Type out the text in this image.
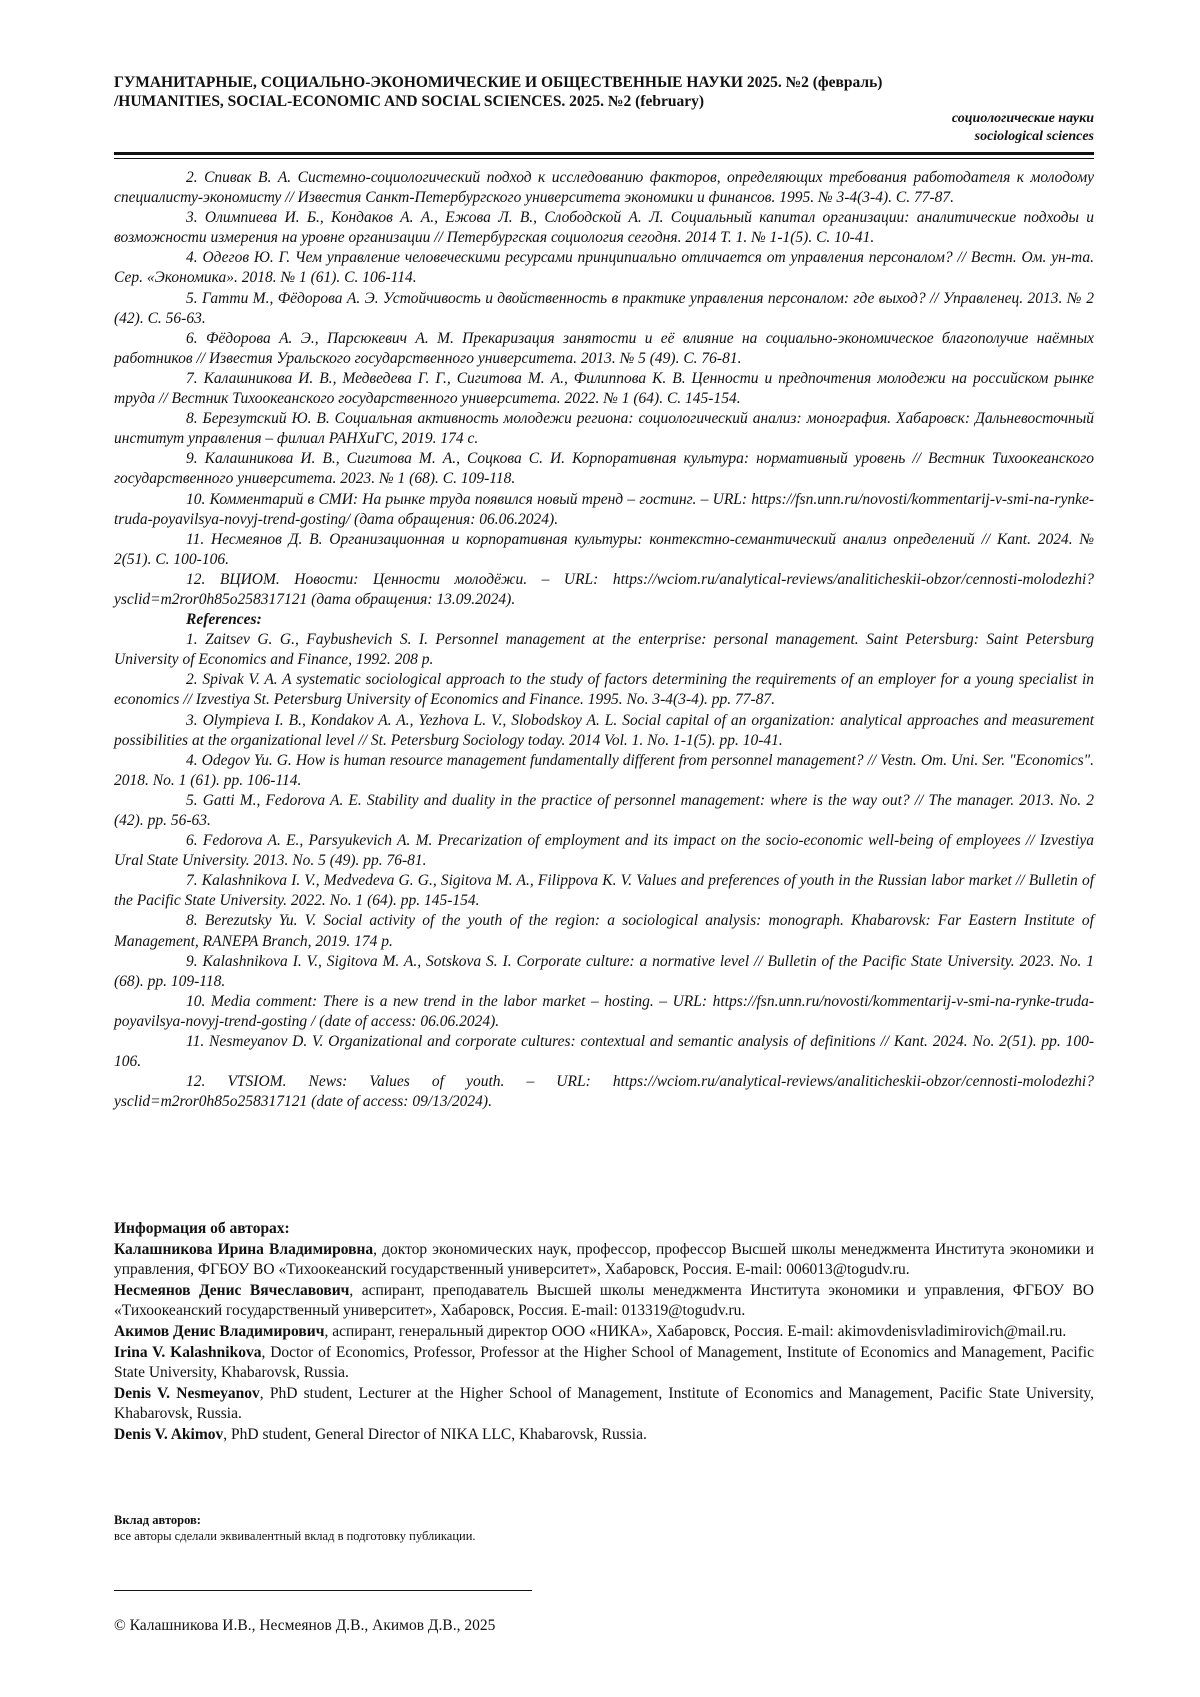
ГУМАНИТАРНЫЕ, СОЦИАЛЬНО-ЭКОНОМИЧЕСКИЕ И ОБЩЕСТВЕННЫЕ НАУКИ 2025. №2 (февраль)
/HUMANITIES, SOCIAL-ECONOMIC AND SOCIAL SCIENCES. 2025. №2 (february)
социологические науки
sociological sciences

2. Спивак В. А. Системно-социологический подход к исследованию факторов, определяющих требования работодателя к молодому специалисту-экономисту // Известия Санкт-Петербургского университета экономики и финансов. 1995. № 3-4(3-4). С. 77-87.

3. Олимпиева И. Б., Кондаков А. А., Ежова Л. В., Слободской А. Л. Социальный капитал организации: аналитические подходы и возможности измерения на уровне организации // Петербургская социология сегодня. 2014 Т. 1. № 1-1(5). С. 10-41.

4. Одегов Ю. Г. Чем управление человеческими ресурсами принципиально отличается от управления персоналом? // Вестн. Ом. ун-та. Сер. «Экономика». 2018. № 1 (61). С. 106-114.

5. Гатти М., Фёдорова А. Э. Устойчивость и двойственность в практике управления персоналом: где выход? // Управленец. 2013. № 2 (42). С. 56-63.

6. Фёдорова А. Э., Парсюкевич А. М. Прекаризация занятости и её влияние на социально-экономическое благополучие наёмных работников // Известия Уральского государственного университета. 2013. № 5 (49). С. 76-81.

7. Калашникова И. В., Медведева Г. Г., Сигитова М. А., Филиппова К. В. Ценности и предпочтения молодежи на российском рынке труда // Вестник Тихоокеанского государственного университета. 2022. № 1 (64). С. 145-154.

8. Березутский Ю. В. Социальная активность молодежи региона: социологический анализ: монография. Хабаровск: Дальневосточный институт управления – филиал РАНХиГС, 2019. 174 с.

9. Калашникова И. В., Сигитова М. А., Соцкова С. И. Корпоративная культура: нормативный уровень // Вестник Тихоокеанского государственного университета. 2023. № 1 (68). С. 109-118.

10. Комментарий в СМИ: На рынке труда появился новый тренд – гостинг. – URL: https://fsn.unn.ru/novosti/kommentarij-v-smi-na-rynke-truda-poyavilsya-novyj-trend-gosting/ (дата обращения: 06.06.2024).

11. Несмеянов Д. В. Организационная и корпоративная культуры: контекстно-семантический анализ определений // Kant. 2024. № 2(51). С. 100-106.

12. ВЦИОМ. Новости: Ценности молодёжи. – URL: https://wciom.ru/analytical-reviews/analiticheskii-obzor/cennosti-molodezhi?ysclid=m2ror0h85o258317121 (дата обращения: 13.09.2024).

References:

1. Zaitsev G. G., Faybushevich S. I. Personnel management at the enterprise: personal management. Saint Petersburg: Saint Petersburg University of Economics and Finance, 1992. 208 p.

2. Spivak V. A. A systematic sociological approach to the study of factors determining the requirements of an employer for a young specialist in economics // Izvestiya St. Petersburg University of Economics and Finance. 1995. No. 3-4(3-4). pp. 77-87.

3. Olympieva I. B., Kondakov A. A., Yezhova L. V., Slobodskoy A. L. Social capital of an organization: analytical approaches and measurement possibilities at the organizational level // St. Petersburg Sociology today. 2014 Vol. 1. No. 1-1(5). pp. 10-41.

4. Odegov Yu. G. How is human resource management fundamentally different from personnel management? // Vestn. Om. Uni. Ser. "Economics". 2018. No. 1 (61). pp. 106-114.

5. Gatti M., Fedorova A. E. Stability and duality in the practice of personnel management: where is the way out? // The manager. 2013. No. 2 (42). pp. 56-63.

6. Fedorova A. E., Parsyukevich A. M. Precarization of employment and its impact on the socio-economic well-being of employees // Izvestiya Ural State University. 2013. No. 5 (49). pp. 76-81.

7. Kalashnikova I. V., Medvedeva G. G., Sigitova M. A., Filippova K. V. Values and preferences of youth in the Russian labor market // Bulletin of the Pacific State University. 2022. No. 1 (64). pp. 145-154.

8. Berezutsky Yu. V. Social activity of the youth of the region: a sociological analysis: monograph. Khabarovsk: Far Eastern Institute of Management, RANEPA Branch, 2019. 174 p.

9. Kalashnikova I. V., Sigitova M. A., Sotskova S. I. Corporate culture: a normative level // Bulletin of the Pacific State University. 2023. No. 1 (68). pp. 109-118.

10. Media comment: There is a new trend in the labor market – hosting. – URL: https://fsn.unn.ru/novosti/kommentarij-v-smi-na-rynke-truda-poyavilsya-novyj-trend-gosting / (date of access: 06.06.2024).

11. Nesmeyanov D. V. Organizational and corporate cultures: contextual and semantic analysis of definitions // Kant. 2024. No. 2(51). pp. 100-106.

12. VTSIOM. News: Values of youth. – URL: https://wciom.ru/analytical-reviews/analiticheskii-obzor/cennosti-molodezhi?ysclid=m2ror0h85o258317121 (date of access: 09/13/2024).

Информация об авторах:

Калашникова Ирина Владимировна, доктор экономических наук, профессор, профессор Высшей школы менеджмента Института экономики и управления, ФГБОУ ВО «Тихоокеанский государственный университет», Хабаровск, Россия. E-mail: 006013@togudv.ru.

Несмеянов Денис Вячеславович, аспирант, преподаватель Высшей школы менеджмента Института экономики и управления, ФГБОУ ВО «Тихоокеанский государственный университет», Хабаровск, Россия. E-mail: 013319@togudv.ru.

Акимов Денис Владимирович, аспирант, генеральный директор ООО «НИКА», Хабаровск, Россия. E-mail: akimovdenisvladimirovich@mail.ru.

Irina V. Kalashnikova, Doctor of Economics, Professor, Professor at the Higher School of Management, Institute of Economics and Management, Pacific State University, Khabarovsk, Russia.

Denis V. Nesmeyanov, PhD student, Lecturer at the Higher School of Management, Institute of Economics and Management, Pacific State University, Khabarovsk, Russia.

Denis V. Akimov, PhD student, General Director of NIKA LLC, Khabarovsk, Russia.

Вклад авторов:

все авторы сделали эквивалентный вклад в подготовку публикации.

© Калашникова И.В., Несмеянов Д.В., Акимов Д.В., 2025
